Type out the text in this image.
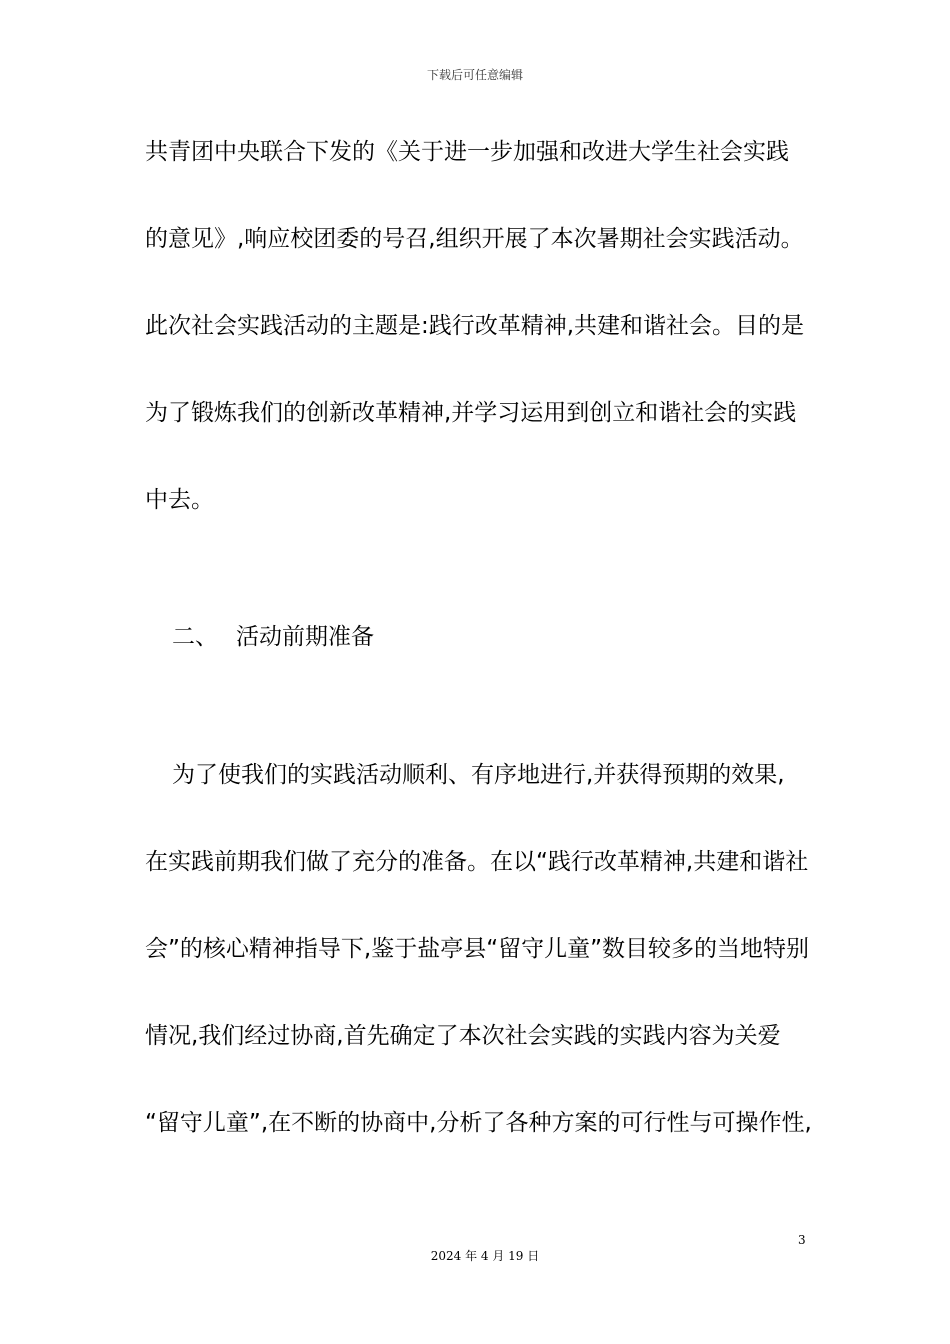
下载后可任意编辑
共青团中央联合下发的《关于进一步加强和改进大学生社会实践
的意见》,响应校团委的号召,组织开展了本次暑期社会实践活动。
此次社会实践活动的主题是:践行改革精神,共建和谐社会。目的是
为了锻炼我们的创新改革精神,并学习运用到创立和谐社会的实践
中去。
二、 活动前期准备
为了使我们的实践活动顺利、有序地进行,并获得预期的效果,
在实践前期我们做了充分的准备。在以“践行改革精神,共建和谐社
会”的核心精神指导下,鉴于盐亭县“留守儿童”数目较多的当地特别
情况,我们经过协商,首先确定了本次社会实践的实践内容为关爱
“留守儿童”,在不断的协商中,分析了各种方案的可行性与可操作性,
3
2024 年 4 月 19 日
